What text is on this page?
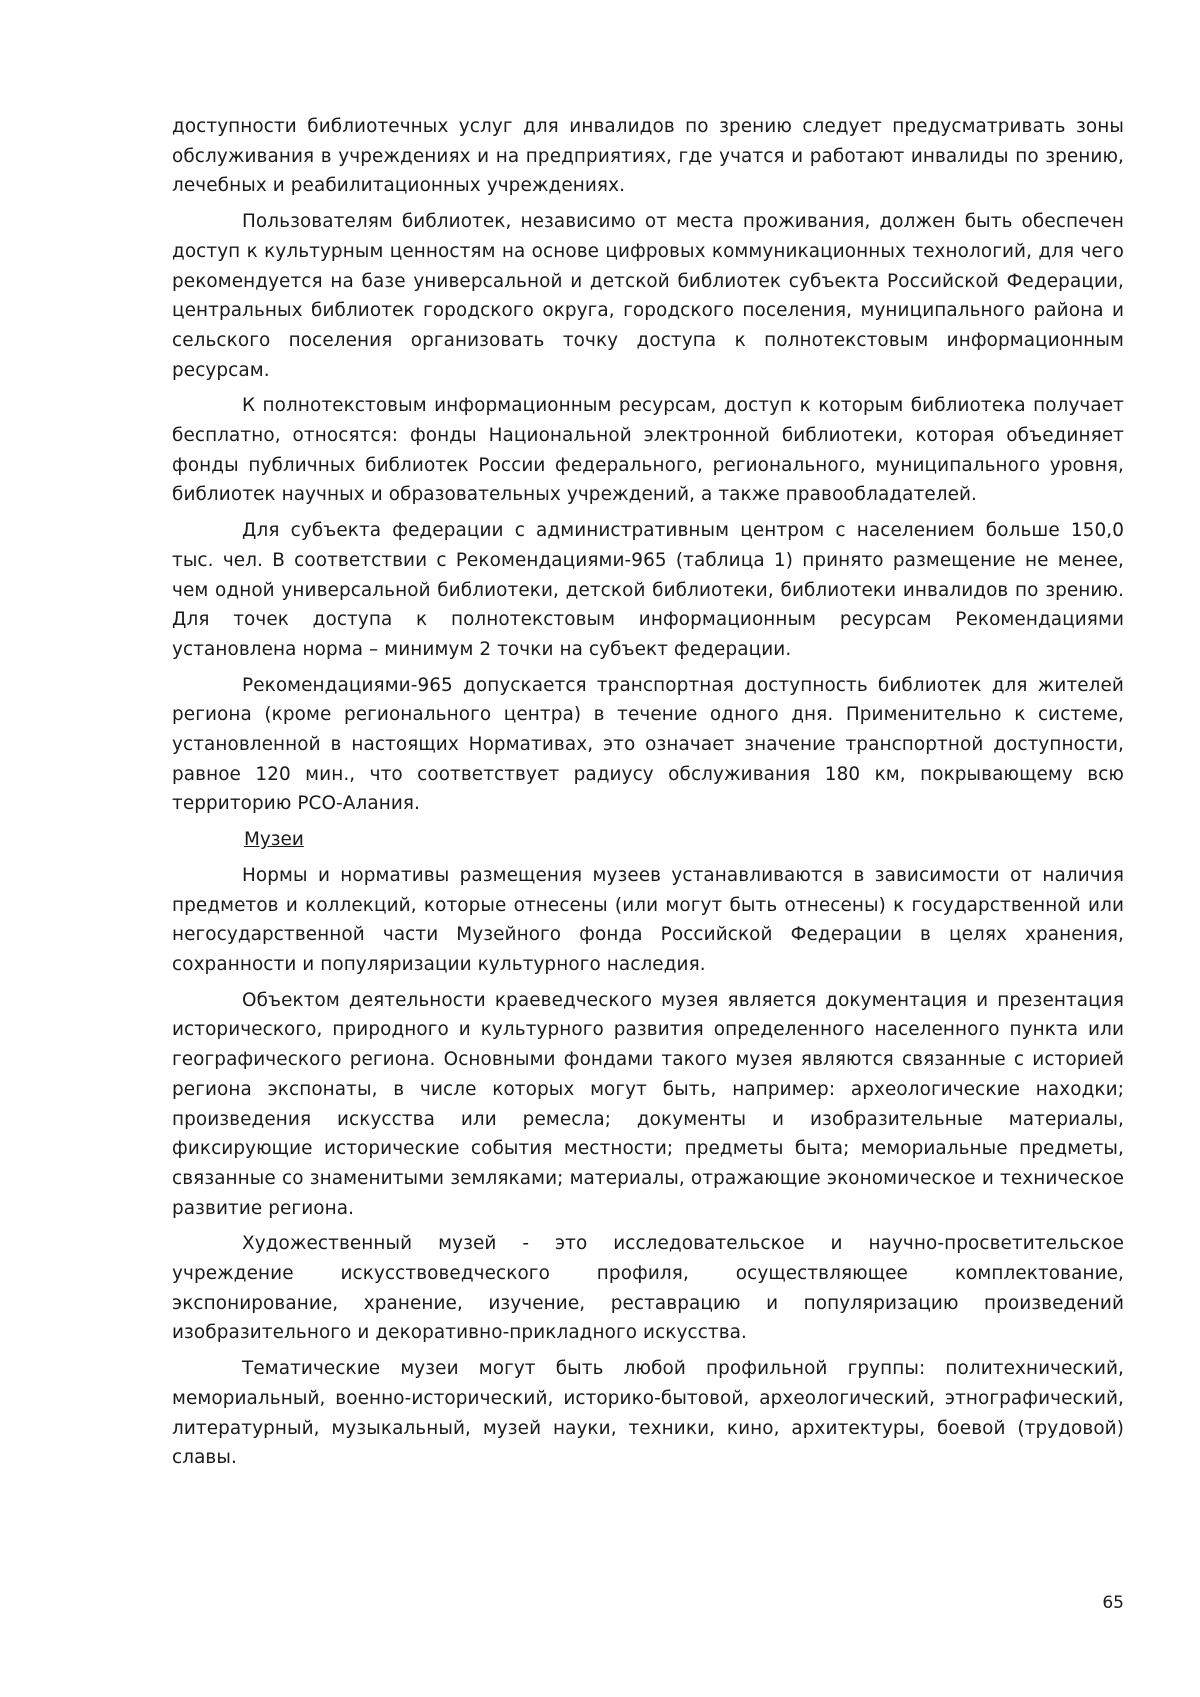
доступности библиотечных услуг для инвалидов по зрению следует предусматривать зоны обслуживания в учреждениях и на предприятиях, где учатся и работают инвалиды по зрению, лечебных и реабилитационных учреждениях.

Пользователям библиотек, независимо от места проживания, должен быть обеспечен доступ к культурным ценностям на основе цифровых коммуникационных технологий, для чего рекомендуется на базе универсальной и детской библиотек субъекта Российской Федерации, центральных библиотек городского округа, городского поселения, муниципального района и сельского поселения организовать точку доступа к полнотекстовым информационным ресурсам.

К полнотекстовым информационным ресурсам, доступ к которым библиотека получает бесплатно, относятся: фонды Национальной электронной библиотеки, которая объединяет фонды публичных библиотек России федерального, регионального, муниципального уровня, библиотек научных и образовательных учреждений, а также правообладателей.

Для субъекта федерации с административным центром с населением больше 150,0 тыс. чел. В соответствии с Рекомендациями-965 (таблица 1) принято размещение не менее, чем одной универсальной библиотеки, детской библиотеки, библиотеки инвалидов по зрению. Для точек доступа к полнотекстовым информационным ресурсам Рекомендациями установлена норма – минимум 2 точки на субъект федерации.

Рекомендациями-965 допускается транспортная доступность библиотек для жителей региона (кроме регионального центра) в течение одного дня. Применительно к системе, установленной в настоящих Нормативах, это означает значение транспортной доступности, равное 120 мин., что соответствует радиусу обслуживания 180 км, покрывающему всю территорию РСО-Алания.

Музеи

Нормы и нормативы размещения музеев устанавливаются в зависимости от наличия предметов и коллекций, которые отнесены (или могут быть отнесены) к государственной или негосударственной части Музейного фонда Российской Федерации в целях хранения, сохранности и популяризации культурного наследия.

Объектом деятельности краеведческого музея является документация и презентация исторического, природного и культурного развития определенного населенного пункта или географического региона. Основными фондами такого музея являются связанные с историей региона экспонаты, в числе которых могут быть, например: археологические находки; произведения искусства или ремесла; документы и изобразительные материалы, фиксирующие исторические события местности; предметы быта; мемориальные предметы, связанные со знаменитыми земляками; материалы, отражающие экономическое и техническое развитие региона.

Художественный музей - это исследовательское и научно-просветительское учреждение искусствоведческого профиля, осуществляющее комплектование, экспонирование, хранение, изучение, реставрацию и популяризацию произведений изобразительного и декоративно-прикладного искусства.

Тематические музеи могут быть любой профильной группы: политехнический, мемориальный, военно-исторический, историко-бытовой, археологический, этнографический, литературный, музыкальный, музей науки, техники, кино, архитектуры, боевой (трудовой) славы.

65
